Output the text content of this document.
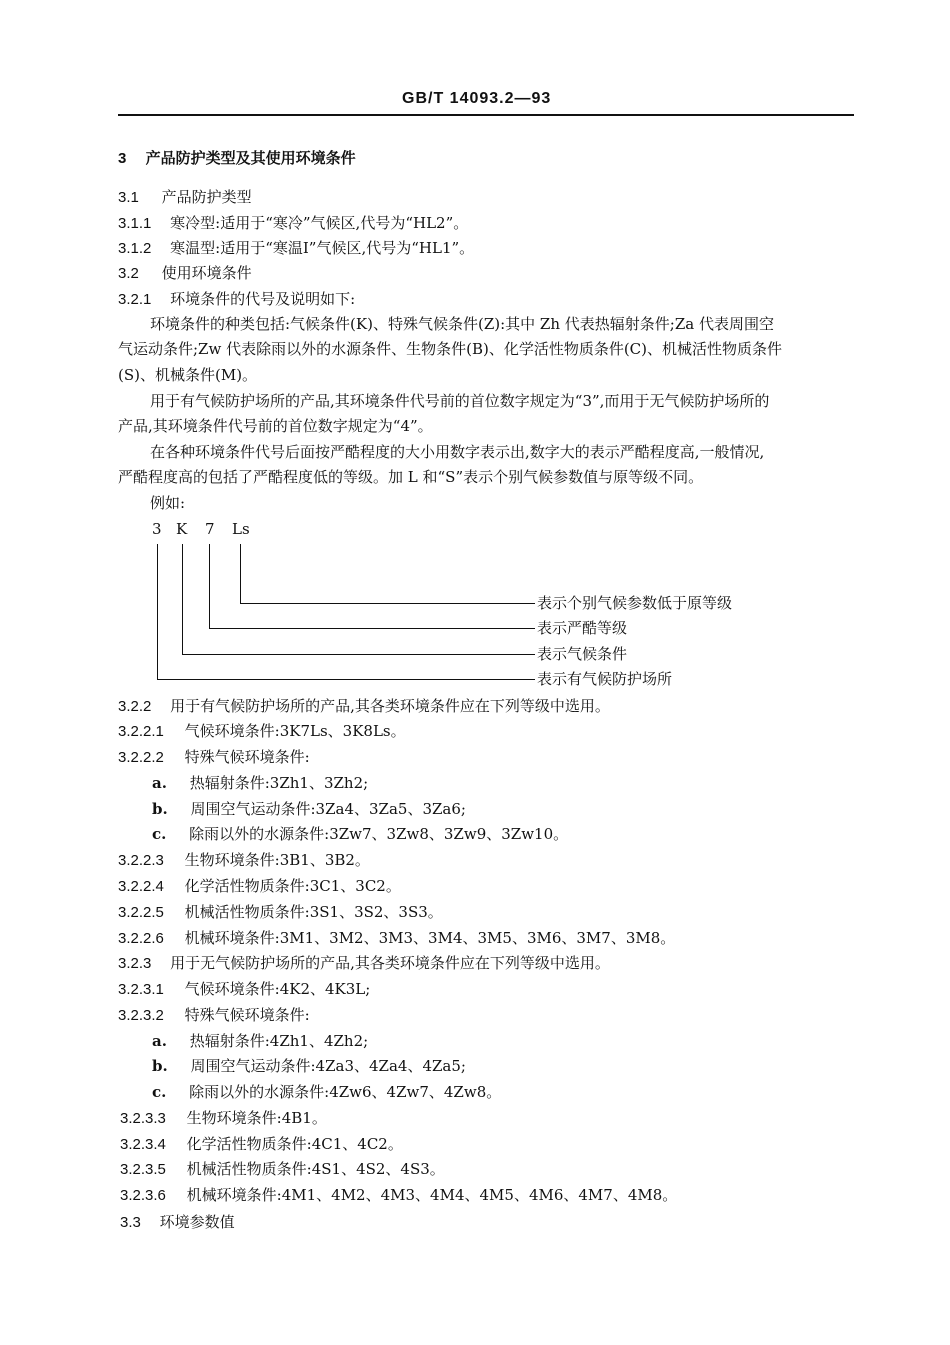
GB/T 14093.2—93
3 产品防护类型及其使用环境条件
3.1 产品防护类型
3.1.1 寒冷型:适用于“寒冷”气候区,代号为“HL2”。
3.1.2 寒温型:适用于“寒温Ⅰ”气候区,代号为“HL1”。
3.2 使用环境条件
3.2.1 环境条件的代号及说明如下:
环境条件的种类包括:气候条件(K)、特殊气候条件(Z):其中 Zh 代表热辐射条件;Za 代表周围空
气运动条件;Zw 代表除雨以外的水源条件、生物条件(B)、化学活性物质条件(C)、机械活性物质条件
(S)、机械条件(M)。
用于有气候防护场所的产品,其环境条件代号前的首位数字规定为“3”,而用于无气候防护场所的
产品,其环境条件代号前的首位数字规定为“4”。
在各种环境条件代号后面按严酷程度的大小用数字表示出,数字大的表示严酷程度高,一般情况,
严酷程度高的包括了严酷程度低的等级。加 L 和“S”表示个别气候参数值与原等级不同。
例如:
3 K 7 Ls
表示个别气候参数低于原等级
表示严酷等级
表示气候条件
表示有气候防护场所
3.2.2 用于有气候防护场所的产品,其各类环境条件应在下列等级中选用。
3.2.2.1 气候环境条件:3K7Ls、3K8Ls。
3.2.2.2 特殊气候环境条件:
a. 热辐射条件:3Zh1、3Zh2;
b. 周围空气运动条件:3Za4、3Za5、3Za6;
c. 除雨以外的水源条件:3Zw7、3Zw8、3Zw9、3Zw10。
3.2.2.3 生物环境条件:3B1、3B2。
3.2.2.4 化学活性物质条件:3C1、3C2。
3.2.2.5 机械活性物质条件:3S1、3S2、3S3。
3.2.2.6 机械环境条件:3M1、3M2、3M3、3M4、3M5、3M6、3M7、3M8。
3.2.3 用于无气候防护场所的产品,其各类环境条件应在下列等级中选用。
3.2.3.1 气候环境条件:4K2、4K3L;
3.2.3.2 特殊气候环境条件:
a. 热辐射条件:4Zh1、4Zh2;
b. 周围空气运动条件:4Za3、4Za4、4Za5;
c. 除雨以外的水源条件:4Zw6、4Zw7、4Zw8。
3.2.3.3 生物环境条件:4B1。
3.2.3.4 化学活性物质条件:4C1、4C2。
3.2.3.5 机械活性物质条件:4S1、4S2、4S3。
3.2.3.6 机械环境条件:4M1、4M2、4M3、4M4、4M5、4M6、4M7、4M8。
3.3 环境参数值
